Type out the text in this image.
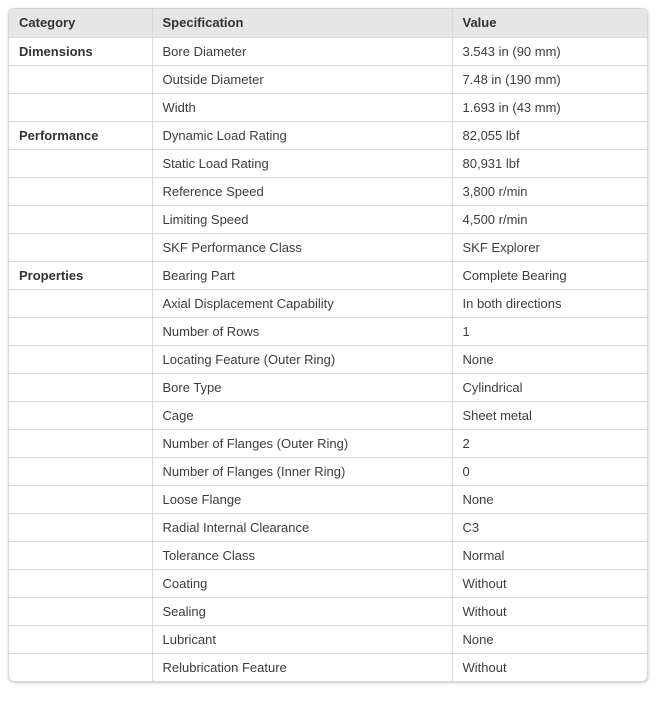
Category	Specification	Value
Dimensions	Bore Diameter	3.543 in (90 mm)
	Outside Diameter	7.48 in (190 mm)
	Width	1.693 in (43 mm)
Performance	Dynamic Load Rating	82,055 lbf
	Static Load Rating	80,931 lbf
	Reference Speed	3,800 r/min
	Limiting Speed	4,500 r/min
	SKF Performance Class	SKF Explorer
Properties	Bearing Part	Complete Bearing
	Axial Displacement Capability	In both directions
	Number of Rows	1
	Locating Feature (Outer Ring)	None
	Bore Type	Cylindrical
	Cage	Sheet metal
	Number of Flanges (Outer Ring)	2
	Number of Flanges (Inner Ring)	0
	Loose Flange	None
	Radial Internal Clearance	C3
	Tolerance Class	Normal
	Coating	Without
	Sealing	Without
	Lubricant	None
	Relubrication Feature	Without
